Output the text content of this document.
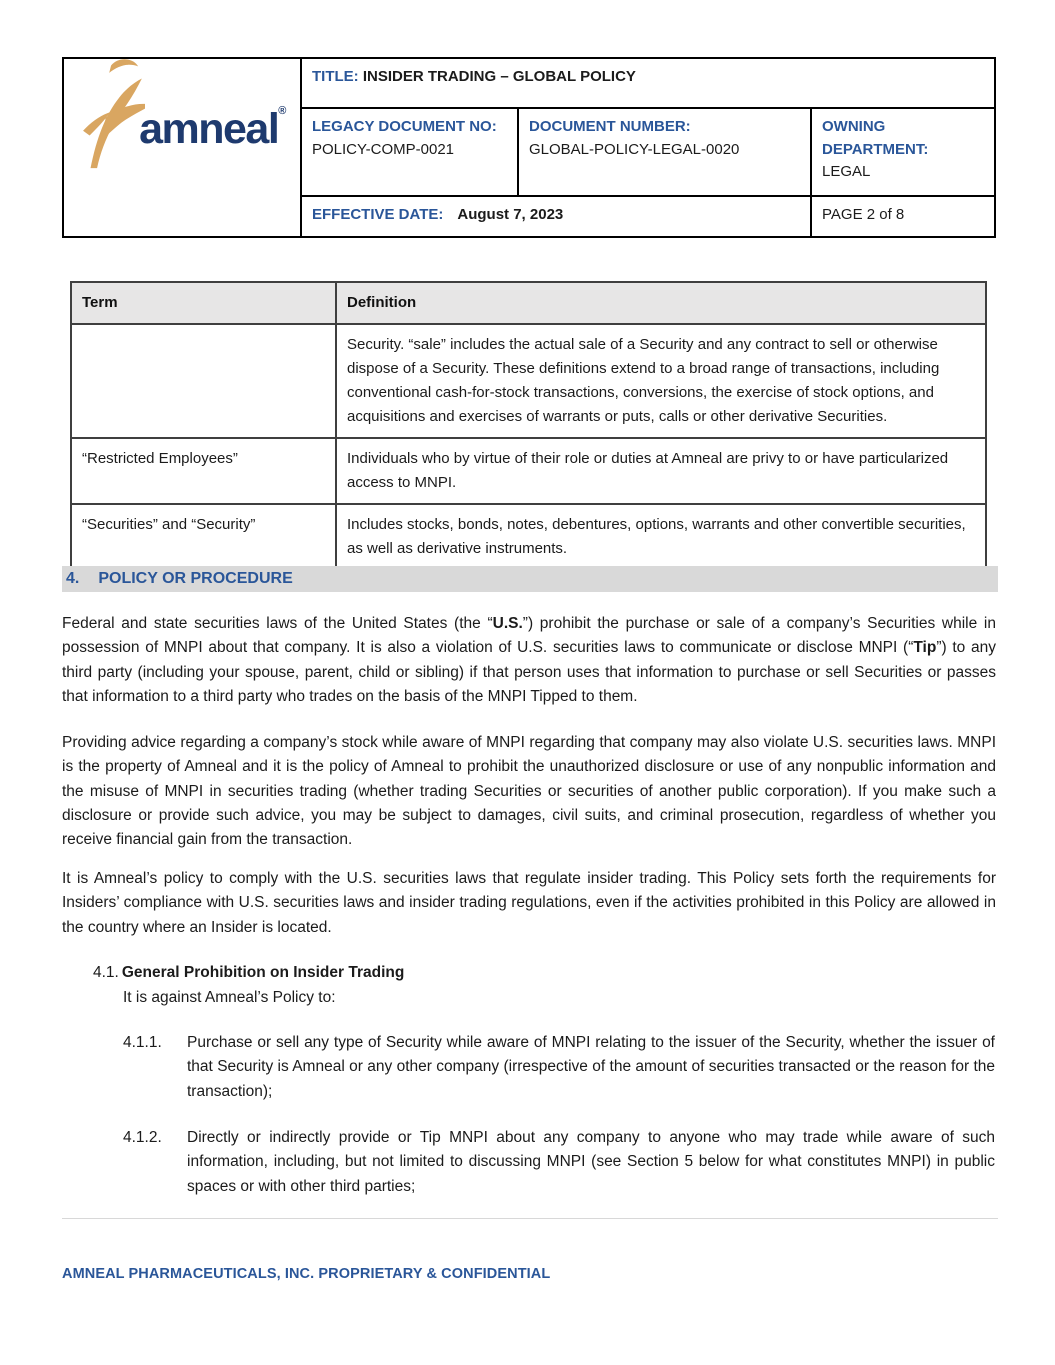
amneal®	TITLE: INSIDER TRADING – GLOBAL POLICY		
LEGACY DOCUMENT NO: POLICY-COMP-0021	
DOCUMENT NUMBER:
GLOBAL-POLICY-LEGAL-0020

OWNING DEPARTMENT:
LEGAL

	EFFECTIVE DATE: August 7, 2023		PAGE 2 of 8
Term	Definition
	Security. “sale” includes the actual sale of a Security and any contract to sell or otherwise dispose of a Security. These definitions extend to a broad range of transactions, including conventional cash-for-stock transactions, conversions, the exercise of stock options, and acquisitions and exercises of warrants or puts, calls or other derivative Securities.
“Restricted Employees”	Individuals who by virtue of their role or duties at Amneal are privy to or have particularized access to MNPI.
“Securities” and “Security”	Includes stocks, bonds, notes, debentures, options, warrants and other convertible securities, as well as derivative instruments.
4. POLICY OR PROCEDURE
Federal and state securities laws of the United States (the “U.S.”) prohibit the purchase or sale of a company’s Securities while in possession of MNPI about that company. It is also a violation of U.S. securities laws to communicate or disclose MNPI (“Tip”) to any third party (including your spouse, parent, child or sibling) if that person uses that information to purchase or sell Securities or passes that information to a third party who trades on the basis of the MNPI Tipped to them.
Providing advice regarding a company’s stock while aware of MNPI regarding that company may also violate U.S. securities laws. MNPI is the property of Amneal and it is the policy of Amneal to prohibit the unauthorized disclosure or use of any nonpublic information and the misuse of MNPI in securities trading (whether trading Securities or securities of another public corporation). If you make such a disclosure or provide such advice, you may be subject to damages, civil suits, and criminal prosecution, regardless of whether you receive financial gain from the transaction.
It is Amneal’s policy to comply with the U.S. securities laws that regulate insider trading. This Policy sets forth the requirements for Insiders’ compliance with U.S. securities laws and insider trading regulations, even if the activities prohibited in this Policy are allowed in the country where an Insider is located.
4.1. General Prohibition on Insider Trading
It is against Amneal’s Policy to:
4.1.1.	Purchase or sell any type of Security while aware of MNPI relating to the issuer of the Security, whether the issuer of that Security is Amneal or any other company (irrespective of the amount of securities transacted or the reason for the transaction);
4.1.2.	Directly or indirectly provide or Tip MNPI about any company to anyone who may trade while aware of such information, including, but not limited to discussing MNPI (see Section 5 below for what constitutes MNPI) in public spaces or with other third parties;
AMNEAL PHARMACEUTICALS, INC. PROPRIETARY & CONFIDENTIAL
